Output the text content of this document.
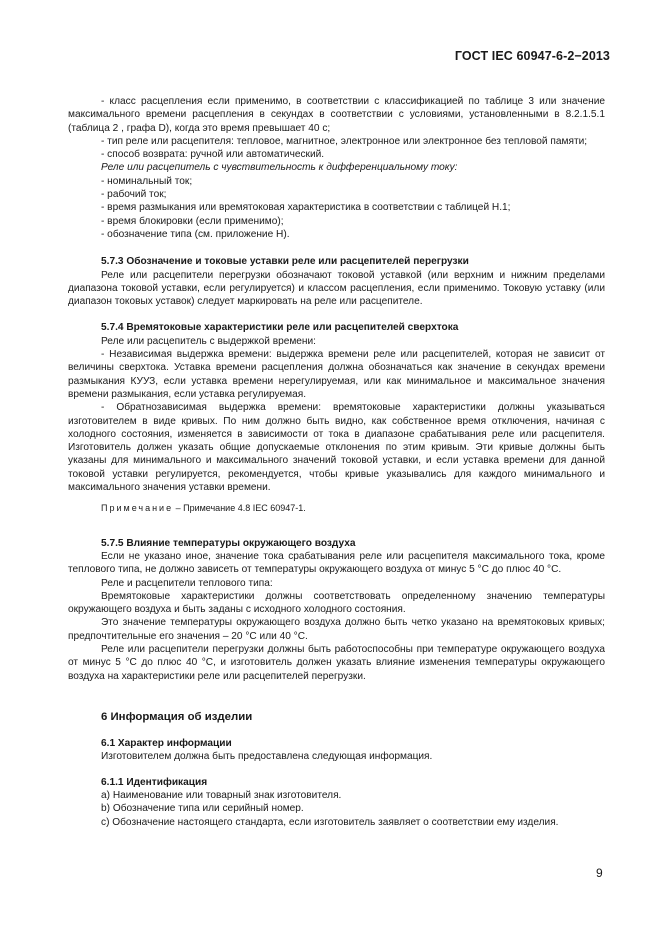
ГОСТ IEC 60947-6-2−2013

- класс расцепления если применимо, в соответствии с классификацией по таблице 3 или значение максимального времени расцепления в секундах в соответствии с условиями, установленными в 8.2.1.5.1 (таблица 2 , графа D), когда это время превышает 40 с;

- тип реле или расцепителя: тепловое, магнитное, электронное или электронное без тепловой памяти;

- способ возврата: ручной или автоматический.

Реле или расцепитель с чувствительность к дифференциальному току:

- номинальный ток;

- рабочий ток;

- время размыкания или времятоковая характеристика в соответствии с таблицей Н.1;

- время блокировки (если применимо);

- обозначение типа (см. приложение Н).

5.7.3 Обозначение и токовые уставки реле или расцепителей перегрузки

Реле или расцепители перегрузки обозначают токовой уставкой (или верхним и нижним пределами диапазона токовой уставки, если регулируется) и классом расцепления, если применимо. Токовую уставку (или диапазон токовых уставок) следует маркировать на реле или расцепителе.

5.7.4 Времятоковые характеристики реле или расцепителей сверхтока

Реле или расцепитель с выдержкой времени:

- Независимая выдержка времени: выдержка времени реле или расцепителей, которая не зависит от величины сверхтока. Уставка времени расцепления должна обозначаться как значение в секундах времени размыкания КУУЗ, если уставка времени нерегулируемая, или как минимальное и максимальное значения времени размыкания, если уставка регулируемая.

- Обратнозависимая выдержка времени: времятоковые характеристики должны указываться изготовителем в виде кривых. По ним должно быть видно, как собственное время отключения, начиная с холодного состояния, изменяется в зависимости от тока в диапазоне срабатывания реле или расцепителя. Изготовитель должен указать общие допускаемые отклонения по этим кривым. Эти кривые должны быть указаны для минимального и максимального значений токовой уставки, и если уставка времени для данной токовой уставки регулируется, рекомендуется, чтобы кривые указывались для каждого минимального и максимального значения уставки времени.

Примечание – Примечание 4.8 IEC 60947-1.

5.7.5 Влияние температуры окружающего воздуха

Если не указано иное, значение тока срабатывания реле или расцепителя максимального тока, кроме теплового типа, не должно зависеть от температуры окружающего воздуха от минус 5 °С до плюс 40 °С.

Реле и расцепители теплового типа:

Времятоковые характеристики должны соответствовать определенному значению температуры окружающего воздуха и быть заданы с исходного холодного состояния.

Это значение температуры окружающего воздуха должно быть четко указано на времятоковых кривых; предпочтительные его значения – 20 °С или 40 °С.

Реле или расцепители перегрузки должны быть работоспособны при температуре окружающего воздуха от минус 5 °С до плюс 40 °С, и изготовитель должен указать влияние изменения температуры окружающего воздуха на характеристики реле или расцепителей перегрузки.

6 Информация об изделии

6.1 Характер информации

Изготовителем должна быть предоставлена следующая информация.

6.1.1 Идентификация

a) Наименование или товарный знак изготовителя.

b) Обозначение типа или серийный номер.

c) Обозначение настоящего стандарта, если изготовитель заявляет о соответствии ему изделия.

9
